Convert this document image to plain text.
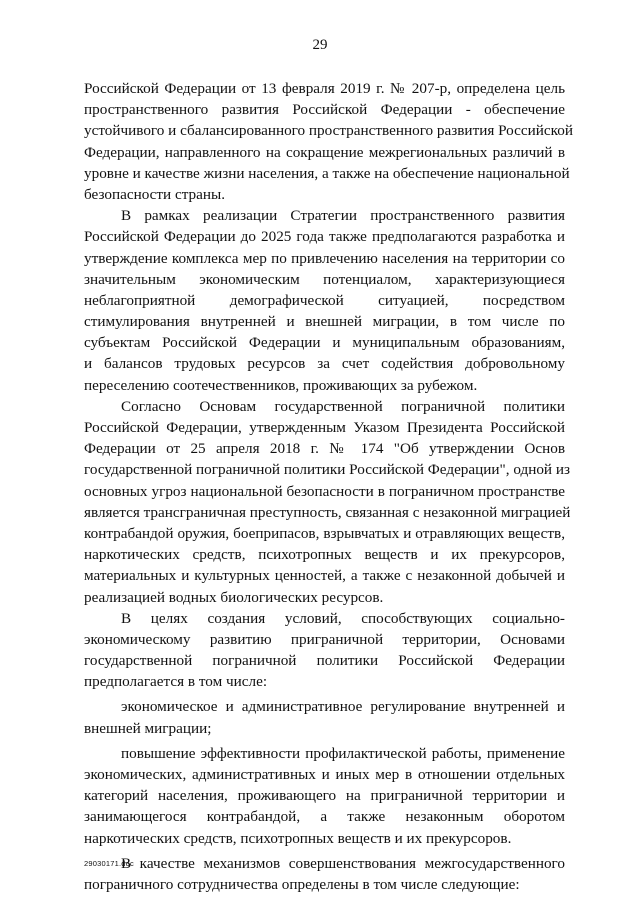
29
Российской Федерации от 13 февраля 2019 г. № 207-р, определена цель
пространственного развития Российской Федерации - обеспечение
устойчивого и сбалансированного пространственного развития Российской
Федерации, направленного на сокращение межрегиональных различий в
уровне и качестве жизни населения, а также на обеспечение национальной
безопасности страны.
В рамках реализации Стратегии пространственного развития
Российской Федерации до 2025 года также предполагаются разработка и
утверждение комплекса мер по привлечению населения на территории со
значительным экономическим потенциалом, характеризующиеся
неблагоприятной демографической ситуацией, посредством
стимулирования внутренней и внешней миграции, в том числе по
субъектам Российской Федерации и муниципальным образованиям,
и балансов трудовых ресурсов за счет содействия добровольному
переселению соотечественников, проживающих за рубежом.
Согласно Основам государственной пограничной политики
Российской Федерации, утвержденным Указом Президента Российской
Федерации от 25 апреля 2018 г. № 174 "Об утверждении Основ
государственной пограничной политики Российской Федерации", одной из
основных угроз национальной безопасности в пограничном пространстве
является трансграничная преступность, связанная с незаконной миграцией
контрабандой оружия, боеприпасов, взрывчатых и отравляющих веществ,
наркотических средств, психотропных веществ и их прекурсоров,
материальных и культурных ценностей, а также с незаконной добычей и
реализацией водных биологических ресурсов.
В целях создания условий, способствующих социально-
экономическому развитию приграничной территории, Основами
государственной пограничной политики Российской Федерации
предполагается в том числе:
экономическое и административное регулирование внутренней и
внешней миграции;
повышение эффективности профилактической работы, применение
экономических, административных и иных мер в отношении отдельных
категорий населения, проживающего на приграничной территории и
занимающегося контрабандой, а также незаконным оборотом
наркотических средств, психотропных веществ и их прекурсоров.
В качестве механизмов совершенствования межгосударственного
пограничного сотрудничества определены в том числе следующие:
29030171.doc
